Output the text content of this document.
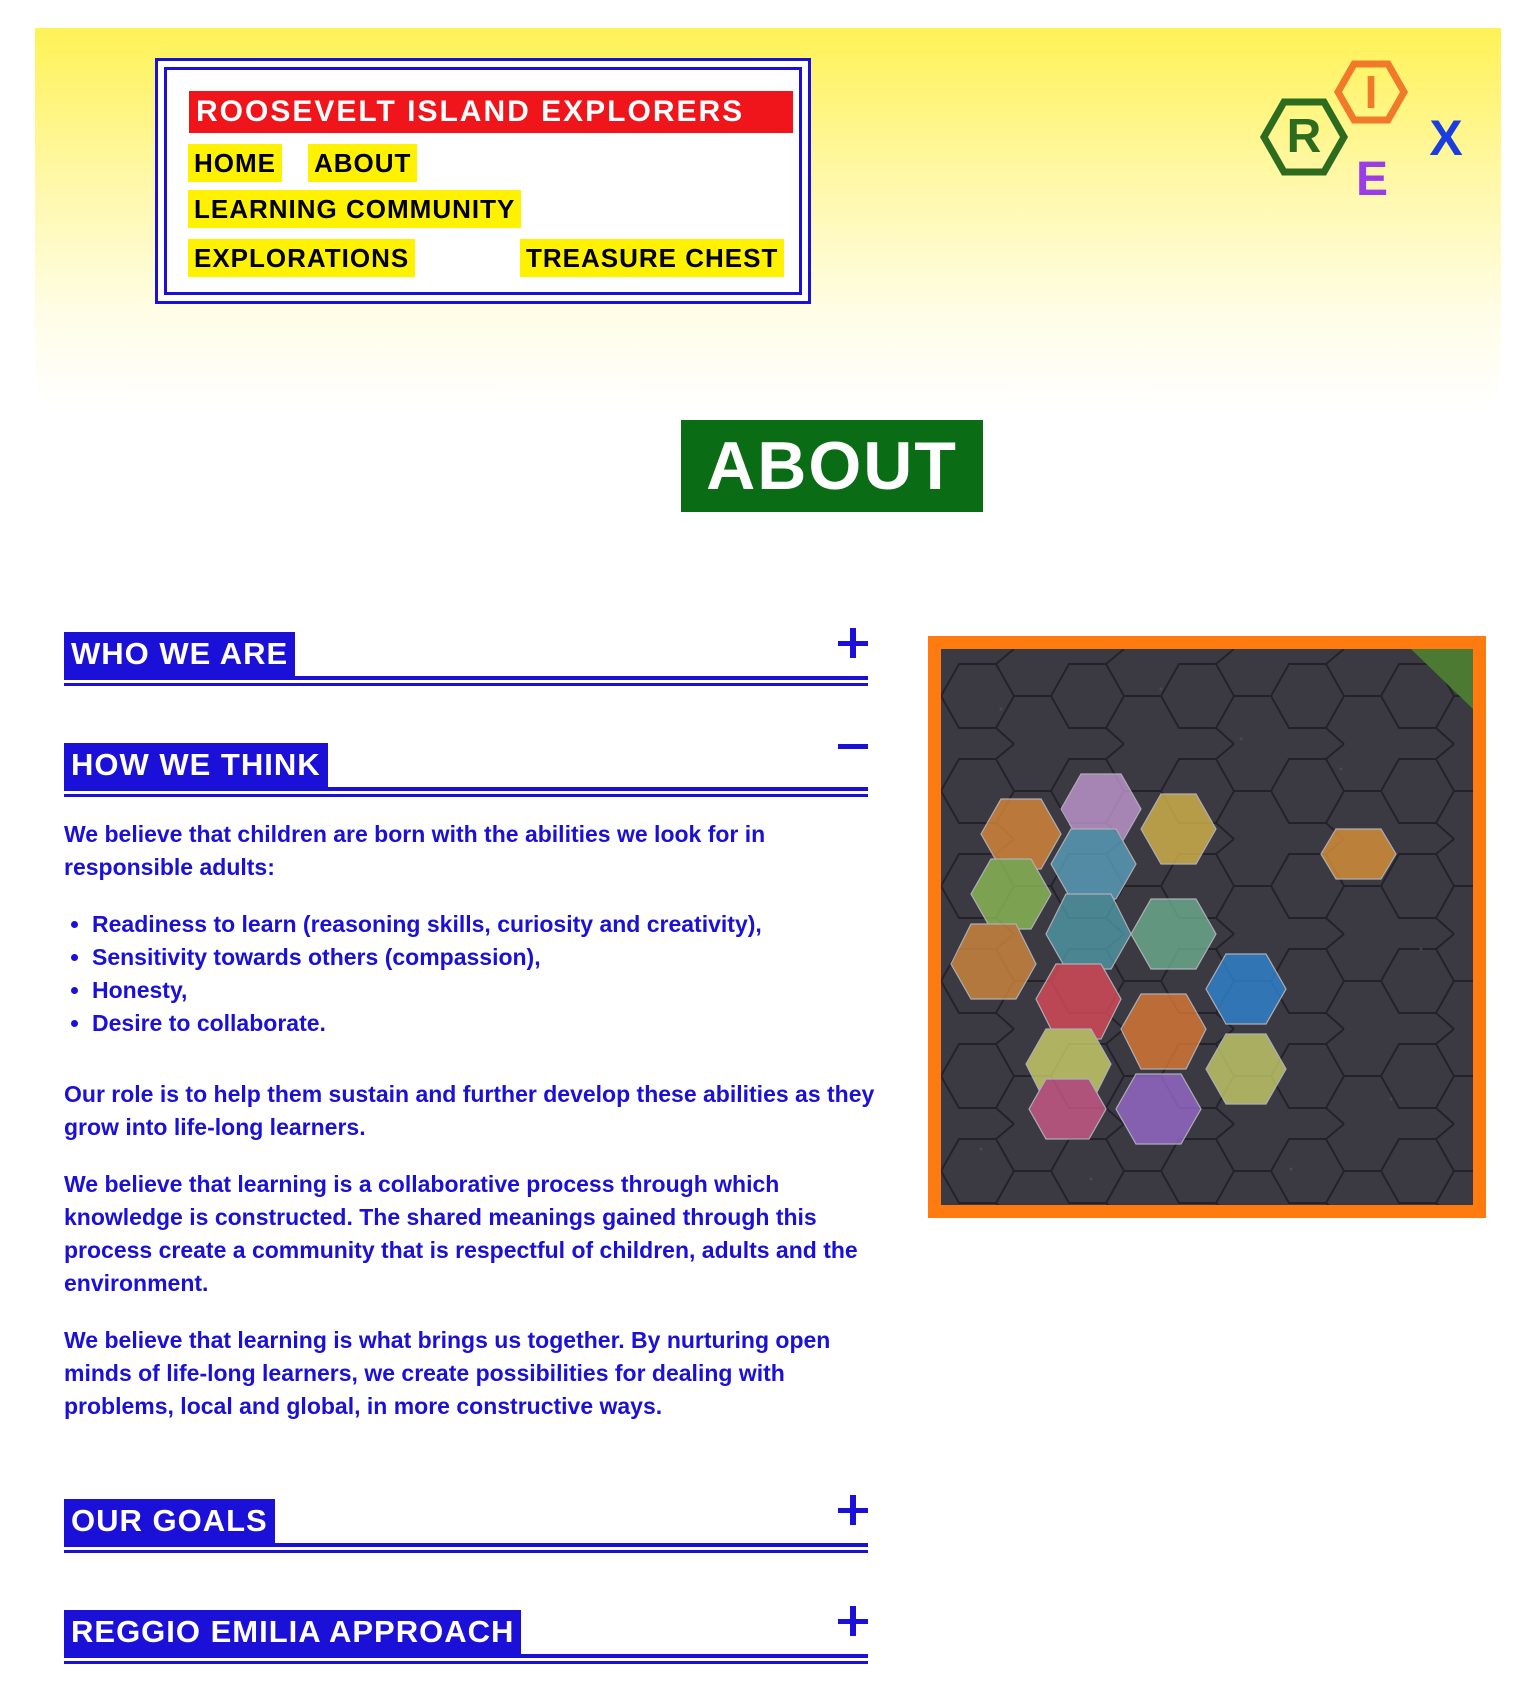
ROOSEVELT ISLAND EXPLORERS
HOME ABOUT
LEARNING COMMUNITY
EXPLORATIONS	TREASURE CHEST
R
I
E
X
ABOUT
WHO WE ARE
HOW WE THINK

We believe that children are born with the abilities we look for in responsible adults:

• Readiness to learn (reasoning skills, curiosity and creativity),
• Sensitivity towards others (compassion),
• Honesty,
• Desire to collaborate.

Our role is to help them sustain and further develop these abilities as they grow into life-long learners.

We believe that learning is a collaborative process through which knowledge is constructed. The shared meanings gained through this process create a community that is respectful of children, adults and the environment.

We believe that learning is what brings us together. By nurturing open minds of life-long learners, we create possibilities for dealing with problems, local and global, in more constructive ways.

OUR GOALS
REGGIO EMILIA APPROACH
